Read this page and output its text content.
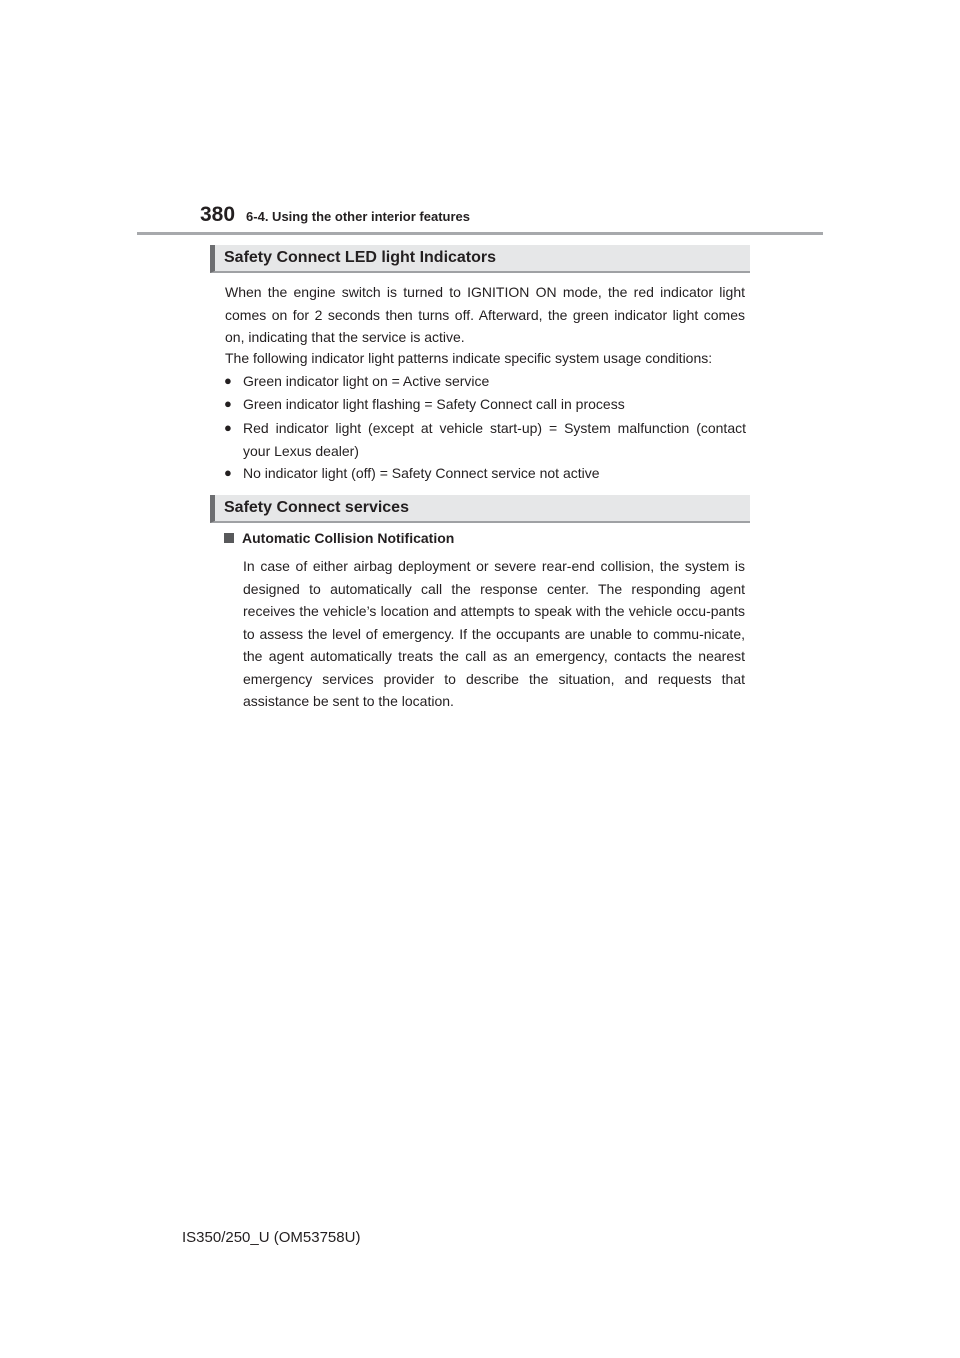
380 6-4. Using the other interior features
Safety Connect LED light Indicators

When the engine switch is turned to IGNITION ON mode, the red indicator light comes on for 2 seconds then turns off. Afterward, the green indicator light comes on, indicating that the service is active.

The following indicator light patterns indicate specific system usage conditions:

● Green indicator light on = Active service
● Green indicator light flashing = Safety Connect call in process
● Red indicator light (except at vehicle start-up) = System malfunction (contact your Lexus dealer)
● No indicator light (off) = Safety Connect service not active
Safety Connect services
Automatic Collision Notification

In case of either airbag deployment or severe rear-end collision, the system is designed to automatically call the response center. The responding agent receives the vehicle’s location and attempts to speak with the vehicle occu-pants to assess the level of emergency. If the occupants are unable to commu-nicate, the agent automatically treats the call as an emergency, contacts the nearest emergency services provider to describe the situation, and requests that assistance be sent to the location.

IS350/250_U (OM53758U)
